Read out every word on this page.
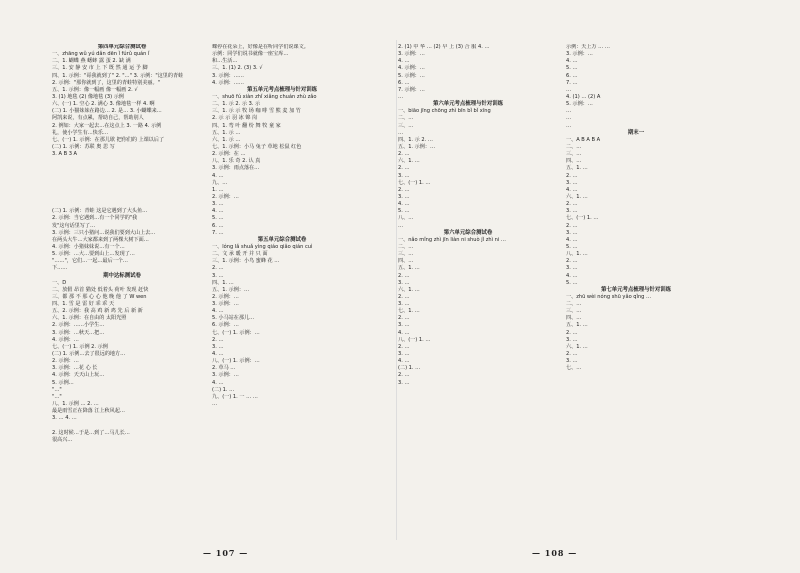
第四单元综合测试卷
一、zhāng wǔ yú dǎn dēn ǐ fúrǔ quán ǐ
二、1. 蝴蝶 燕 蟋蟀 露 蛋 2. 缺 满
三、1. 安 静 安 市 上 下 既 然 通 运 予 脚
四、1. 示例："哥我就到了" 2. "…" 3. 示例："这里的青蛙
2. 示例："那你就到了，这里的青蛙特别美丽。"
五、1. 示例：像一幅画 像一幅画 2. √
3. (1) 地毯 (2) 像地毯 (3) 示例
六、(一) 1. 空心 2. 满心 3. 像地毯一样 4. 啊
(二) 1. 小猫妹妹在路边… 2. 是… 3. 小蝴蝶来…
阿凯来说，有点累，帮助自己，帮助别人
2. 例如：大家一起去…在这点上 3. 一路 4. 示例
礼，使小学生有…快乐…
七、(一) 1. 示例：在那儿歇 把你们的 上课以后了
(二) 1. 示例：苏联 奥 思 写
3. A B 3 A
(二) 1. 示例：青蛙 这是它遇到了大头鱼…
2. 示例：当它遇到…有一个同学的"我
发"这句话里写了…
3. 示例：三只小猪问…说我们要到大山上去…
在两头大牛…大家都来到了两棵大树下面…
4. 示例：小猪妹妹说…有一个…
5. 示例：…大…要到山上…发现了…
"……"，它们…一起…最后一个…
下……
期中达标测试卷
一、D
二、放假 昂首 猫处 低着头 荷叶 发现 赶快
三、都 那 不 那 心 心 他 晚 他 了 W wen
四、1. 雪 是 雷 好 乖 乖 天
五、2. 示例：我 高 鸡 新 鸡 先 后 新 新
六、1. 示例：在自由的 太阳光照
2. 示例：……小学生…
3. 示例：…秋天…把…
4. 示例：…
七、(一) 1. 示例 2. 示例
(二) 1. 示例…去了很远的地方…
2. 示例：…
3. 示例：…花 心 长
4. 示例：天天山上玩…
5. 示例…
"…"
"…"
八、1. 示例 … 2. …
最是雨雪正在降落 江上秋风起…
3. … 4. …
2. 这时候…于是…到了…马儿长…
很高兴…
蝶停在花朵上，好像是在听同学们说课文。
示例：同学们说书就像一座宝库…
和…生活…
三、1. (1) 2. (3) 3. √
3. 示例：……
4. 示例：……
第五单元考点梳理与针对训练
一、shuō fú xiàn zhǐ xiǎng chuán zhù zǎo
二、1. 示 2. 示 3. 示
三、1. 示 示 牧 场 咖 啡 雪 熊 麦 加 竹
2. 示 示 羽 冰 锦 岗
四、1. 弯 叶 翻 纷 舞 牧 童 家
五、1. 示 …
六、1. 示 …
七、1. 示例：小马 兔子 草地 松鼠 红色
2. 示例：在 …
八、1. 乐 奇 2. 认 真
3. 示例：雨点落在…
4. …
九、…
1. …
2. 示例：…
3. …
4. …
5. …
6. …
7. …
第五单元综合测试卷
一、lóng lǎ shuǎ yìng qiáo qiǎo qián cuì
二、文 承 暖 开 并 只 面
三、1. 示例：小鸟 蜜蜂 花 …
2. …
3. …
四、1. …
五、1. 示例：…
2. 示例：…
3. 示例：…
4. …
5. 小马站在那儿…
6. 示例：…
七、(一) 1. 示例：…
2. …
3. …
4. …
八、(一) 1. 示例：…
2. 草马 …
3. 示例：…
4. …
(二) 1. …
九、(一) 1. 一 … …
…
2. (1) 中 华 … (2) 早 上 (3) 合 服 4. …
3. 示例：…
4. …
4. 示例：…
5. 示例：…
6. …
7. 示例：…
…
第六单元考点梳理与针对训练
一、biāo jīng chōng zhì bīn bǐ bǐ xīng
二、…
三、…
…
四、1. 示 2. …
五、1. 示例：…
2. …
六、1. …
2. …
3. …
七、(一) 1. …
2. …
3. …
4. …
5. …
八、…
…
第六单元综合测试卷
一、nǎo mǐng zhì jīn liàn ni shuò jǐ zhì ni …
二、…
三、…
四、…
五、1. …
2. …
3. …
六、1. …
2. …
3. …
七、1. …
2. …
3. …
4. …
八、(一) 1. …
2. …
3. …
4. …
(二) 1. …
2. …
3. …
示例：天上万 … …
3. 示例：…
4. …
5. …
6. …
7. …
…
4. (1) … (2) A
5. 示例：…
…
…
…
期末一
一、A B A B A
二、…
三、…
四、…
五、1. …
2. …
3. …
4. …
六、1. …
2. …
3. …
七、(一) 1. …
2. …
3. …
4. …
5. …
八、1. …
2. …
3. …
4. …
5. …
第七单元考点梳理与针对训练
一、zhū wèi nóng shū yǎo qǐng …
二、…
三、…
四、…
五、1. …
2. …
3. …
六、1. …
2. …
3. …
七、…
— 107 —	— 108 —
